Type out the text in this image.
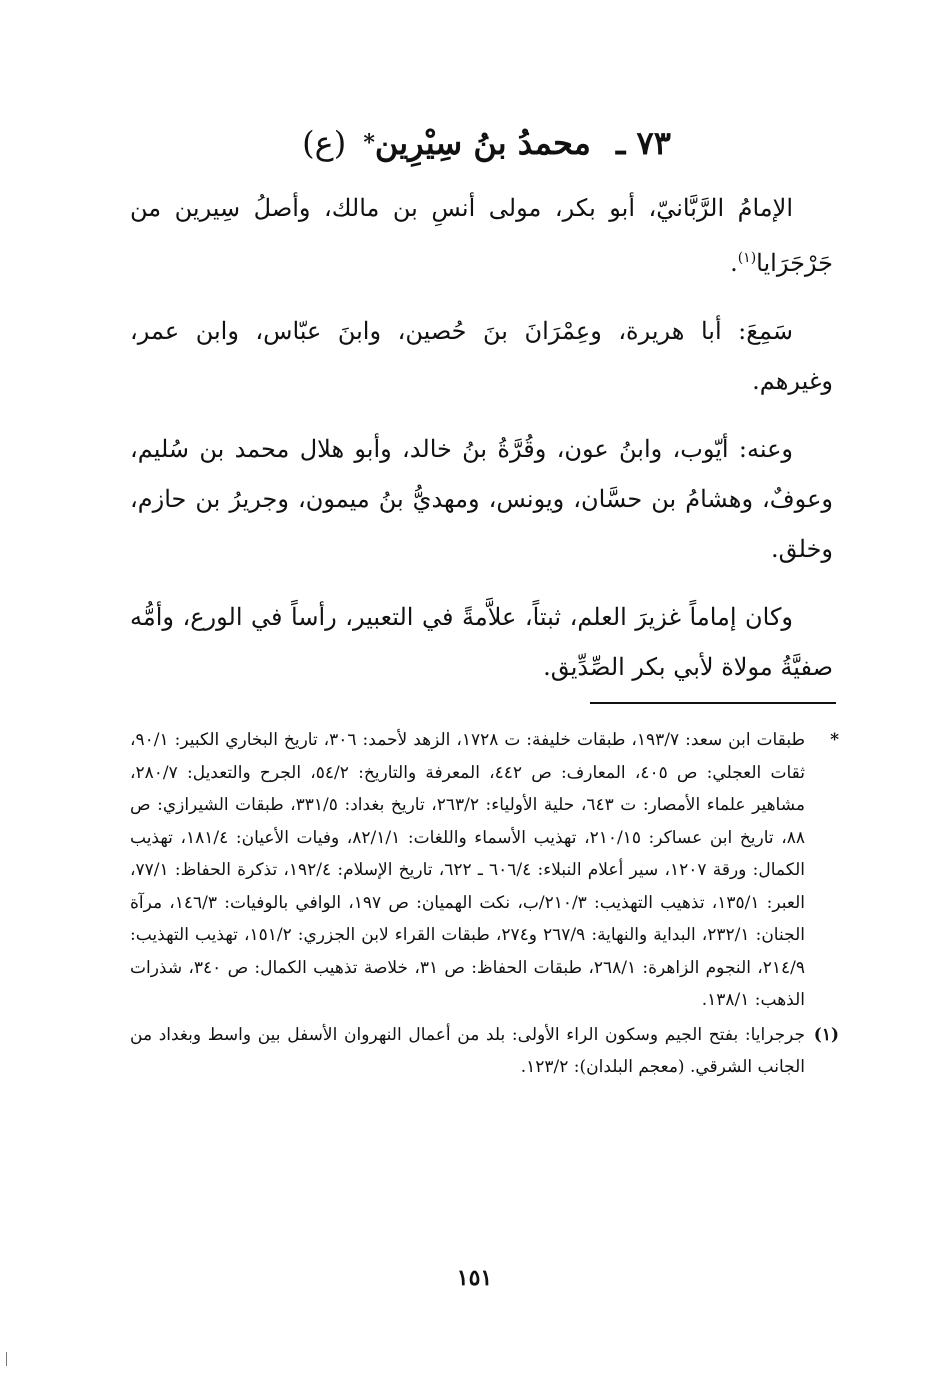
٧٣ ـ محمدُ بنُ سِيْرِين* (ع)

الإمامُ الرَّبَّانيّ، أبو بكر، مولى أنسِ بن مالك، وأصلُ سِيرين من جَرْجَرَايا$^{(١)}$.

سَمِعَ: أبا هريرة، وعِمْرَانَ بنَ حُصين، وابنَ عبّاس، وابن عمر، وغيرهم.

وعنه: أيّوب، وابنُ عون، وقُرَّةُ بنُ خالد، وأبو هلال محمد بن سُليم، وعوفٌ، وهشامُ بن حسَّان، ويونس، ومهديُّ بنُ ميمون، وجريرُ بن حازم، وخلق.

وكان إماماً غزيرَ العلم، ثبتاً، علاَّمةً في التعبير، رأساً في الورع، وأمُّه صفيَّةُ مولاة لأبي بكر الصِّدِّيق.

*
طبقات ابن سعد: ١٩٣/٧، طبقات خليفة: ت ١٧٢٨، الزهد لأحمد: ٣٠٦، تاريخ البخاري الكبير: ٩٠/١، ثقات العجلي: ص ٤٠٥، المعارف: ص ٤٤٢، المعرفة والتاريخ: ٥٤/٢، الجرح والتعديل: ٢٨٠/٧، مشاهير علماء الأمصار: ت ٦٤٣، حلية الأولياء: ٢٦٣/٢، تاريخ بغداد: ٣٣١/٥، طبقات الشيرازي: ص ٨٨، تاريخ ابن عساكر: ٢١٠/١٥، تهذيب الأسماء واللغات: ٨٢/١/١، وفيات الأعيان: ١٨١/٤، تهذيب الكمال: ورقة ١٢٠٧، سير أعلام النبلاء: ٦٠٦/٤ ـ ٦٢٢، تاريخ الإسلام: ١٩٢/٤، تذكرة الحفاظ: ٧٧/١، العبر: ١٣٥/١، تذهيب التهذيب: ٢١٠/٣/ب، نكت الهميان: ص ١٩٧، الوافي بالوفيات: ١٤٦/٣، مرآة الجنان: ٢٣٢/١، البداية والنهاية: ٢٦٧/٩ و٢٧٤، طبقات القراء لابن الجزري: ١٥١/٢، تهذيب التهذيب: ٢١٤/٩، النجوم الزاهرة: ٢٦٨/١، طبقات الحفاظ: ص ٣١، خلاصة تذهيب الكمال: ص ٣٤٠، شذرات الذهب: ١٣٨/١.
(١)
جرجرايا: بفتح الجيم وسكون الراء الأولى: بلد من أعمال النهروان الأسفل بين واسط وبغداد من الجانب الشرقي. (معجم البلدان): ١٢٣/٢.
١٥١
